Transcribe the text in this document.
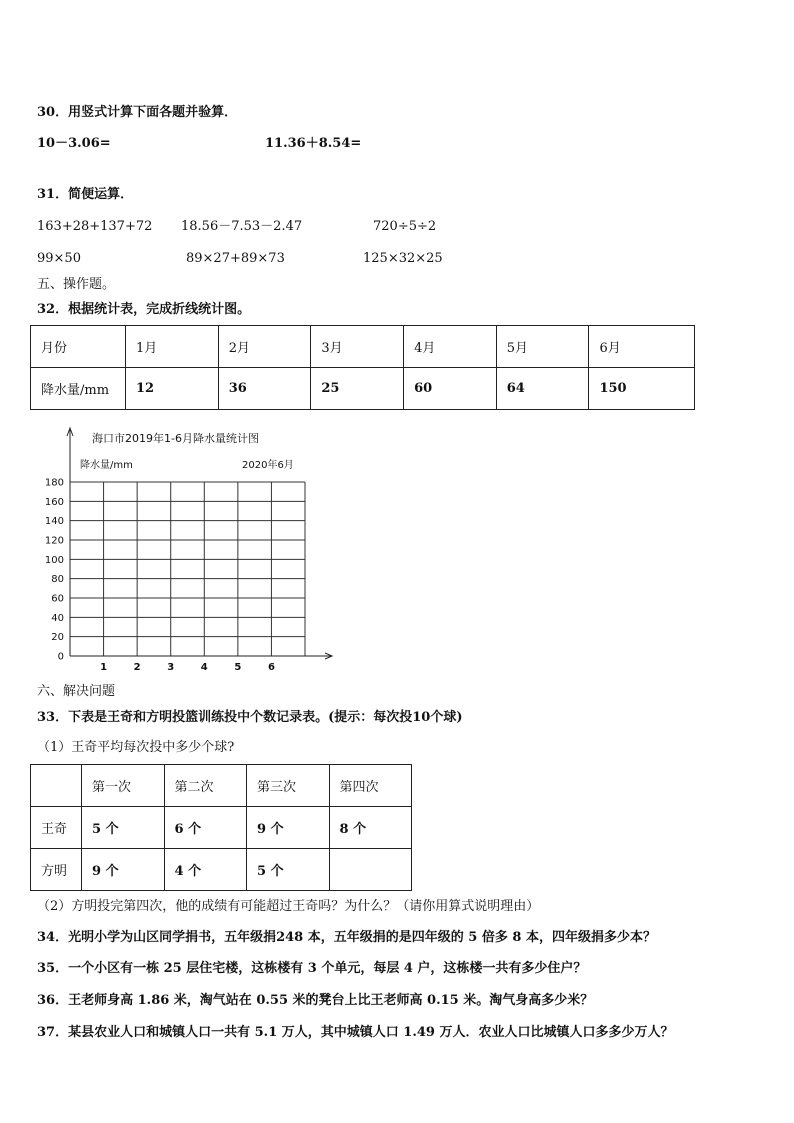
30．用竖式计算下面各题并验算．
10－3.06=	11.36＋8.54=
31．简便运算．
163+28+137+72 18.56－7.53－2.47	720÷5÷2
99×50	89×27+89×73	125×32×25
五、操作题。
32．根据统计表，完成折线统计图。
月份	1月	2月	3月	4月	5月	6月
降水量/mm	12	36	25	60	64	150
海口市2019年1-6月降水量统计图
降水量/mm	2020年6月
180
160
140
120
100
80
60
40
20
0
1	2	3	4	5	6
六、解决问题
33．下表是王奇和方明投篮训练投中个数记录表。(提示：每次投10个球)
（1）王奇平均每次投中多少个球?
	第一次	第二次	第三次	第四次
王奇	5 个	6 个	9 个	8 个
方明	9 个	4 个	5 个	
（2）方明投完第四次，他的成绩有可能超过王奇吗？为什么？（请你用算式说明理由）
34．光明小学为山区同学捐书，五年级捐248 本，五年级捐的是四年级的 5 倍多 8 本，四年级捐多少本？
35．一个小区有一栋 25 层住宅楼，这栋楼有 3 个单元，每层 4 户，这栋楼一共有多少住户？
36．王老师身高 1.86 米，淘气站在 0.55 米的凳台上比王老师高 0.15 米。淘气身高多少米？
37．某县农业人口和城镇人口一共有 5.1 万人，其中城镇人口 1.49 万人．农业人口比城镇人口多多少万人？
